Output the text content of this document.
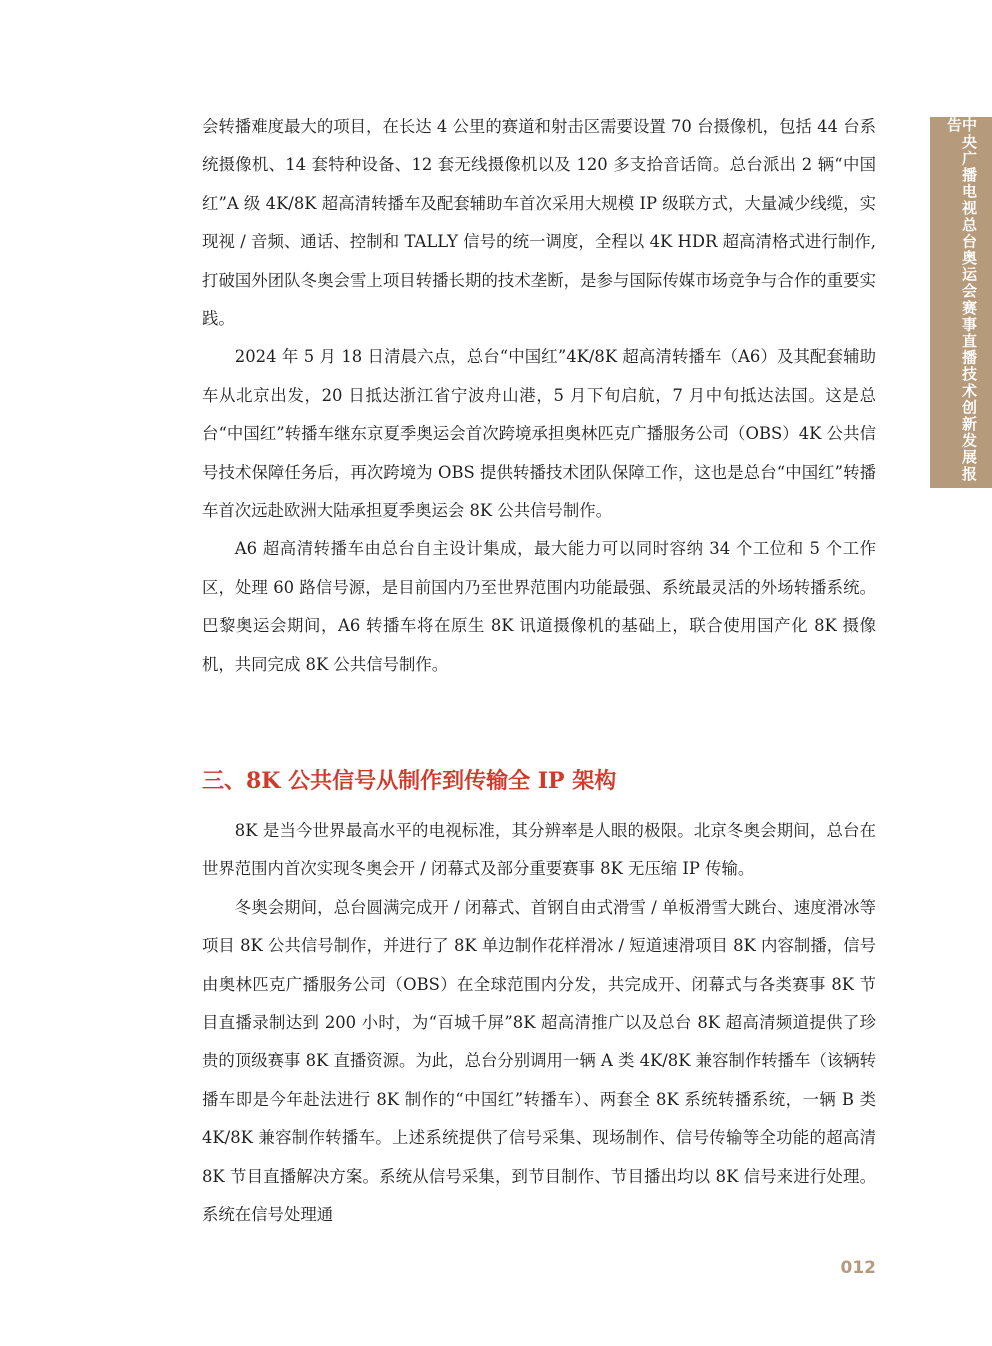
中央广播电视总台奥运会赛事直播技术创新发展报告

会转播难度最大的项目，在长达 4 公里的赛道和射击区需要设置 70 台摄像机，包括 44 台系统摄像机、14 套特种设备、12 套无线摄像机以及 120 多支拾音话筒。总台派出 2 辆“中国红”A 级 4K/8K 超高清转播车及配套辅助车首次采用大规模 IP 级联方式，大量减少线缆，实现视 / 音频、通话、控制和 TALLY 信号的统一调度，全程以 4K HDR 超高清格式进行制作,打破国外团队冬奥会雪上项目转播长期的技术垄断，是参与国际传媒市场竞争与合作的重要实践。

2024 年 5 月 18 日清晨六点，总台“中国红”4K/8K 超高清转播车（A6）及其配套辅助车从北京出发，20 日抵达浙江省宁波舟山港，5 月下旬启航，7 月中旬抵达法国。这是总台“中国红”转播车继东京夏季奥运会首次跨境承担奥林匹克广播服务公司（OBS）4K 公共信号技术保障任务后，再次跨境为 OBS 提供转播技术团队保障工作，这也是总台“中国红”转播车首次远赴欧洲大陆承担夏季奥运会 8K 公共信号制作。

A6 超高清转播车由总台自主设计集成，最大能力可以同时容纳 34 个工位和 5 个工作区，处理 60 路信号源，是目前国内乃至世界范围内功能最强、系统最灵活的外场转播系统。巴黎奥运会期间，A6 转播车将在原生 8K 讯道摄像机的基础上，联合使用国产化 8K 摄像机，共同完成 8K 公共信号制作。

三、8K 公共信号从制作到传输全 IP 架构

8K 是当今世界最高水平的电视标准，其分辨率是人眼的极限。北京冬奥会期间，总台在世界范围内首次实现冬奥会开 / 闭幕式及部分重要赛事 8K 无压缩 IP 传输。

冬奥会期间，总台圆满完成开 / 闭幕式、首钢自由式滑雪 / 单板滑雪大跳台、速度滑冰等项目 8K 公共信号制作，并进行了 8K 单边制作花样滑冰 / 短道速滑项目 8K 内容制播，信号由奥林匹克广播服务公司（OBS）在全球范围内分发，共完成开、闭幕式与各类赛事 8K 节目直播录制达到 200 小时，为“百城千屏”8K 超高清推广以及总台 8K 超高清频道提供了珍贵的顶级赛事 8K 直播资源。为此，总台分别调用一辆 A 类 4K/8K 兼容制作转播车（该辆转播车即是今年赴法进行 8K 制作的“中国红”转播车）、两套全 8K 系统转播系统，一辆 B 类 4K/8K 兼容制作转播车。上述系统提供了信号采集、现场制作、信号传输等全功能的超高清 8K 节目直播解决方案。系统从信号采集，到节目制作、节目播出均以 8K 信号来进行处理。系统在信号处理通

012
